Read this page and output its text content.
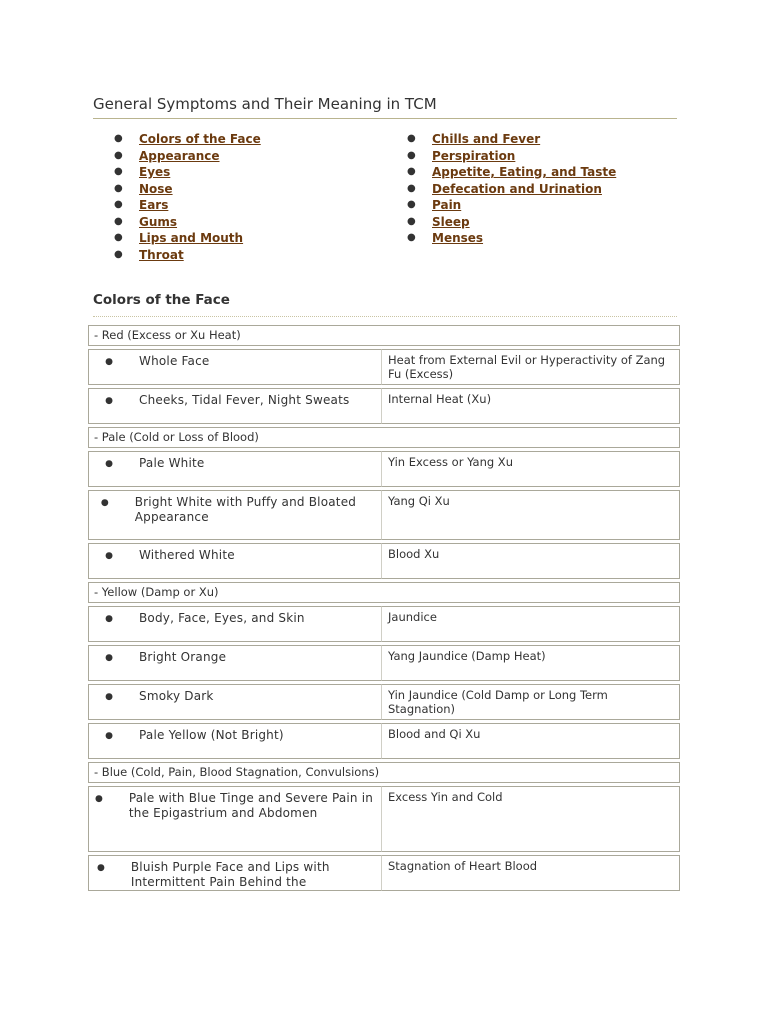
General Symptoms and Their Meaning in TCM
●	Colors of the Face
●	Appearance
●	Eyes
●	Nose
●	Ears
●	Gums
●	Lips and Mouth
●	Throat
●	Chills and Fever
●	Perspiration
●	Appetite, Eating, and Taste
●	Defecation and Urination
●	Pain
●	Sleep
●	Menses
Colors of the Face
- Red (Excess or Xu Heat)	

● Whole Face	Heat from External Evil or Hyperactivity of Zang Fu (Excess)

● Cheeks, Tidal Fever, Night Sweats	Internal Heat (Xu)

- Pale (Cold or Loss of Blood)	

● Pale White	Yin Excess or Yang Xu

● Bright White with Puffy and Bloated Appearance	Yang Qi Xu

● Withered White	Blood Xu

- Yellow (Damp or Xu)	

● Body, Face, Eyes, and Skin	Jaundice

● Bright Orange	Yang Jaundice (Damp Heat)

● Smoky Dark	Yin Jaundice (Cold Damp or Long Term Stagnation)

● Pale Yellow (Not Bright)	Blood and Qi Xu

- Blue (Cold, Pain, Blood Stagnation, Convulsions)	

● Pale with Blue Tinge and Severe Pain in the Epigastrium and Abdomen	Excess Yin and Cold

● Bluish Purple Face and Lips with Intermittent Pain Behind the	Stagnation of Heart Blood
